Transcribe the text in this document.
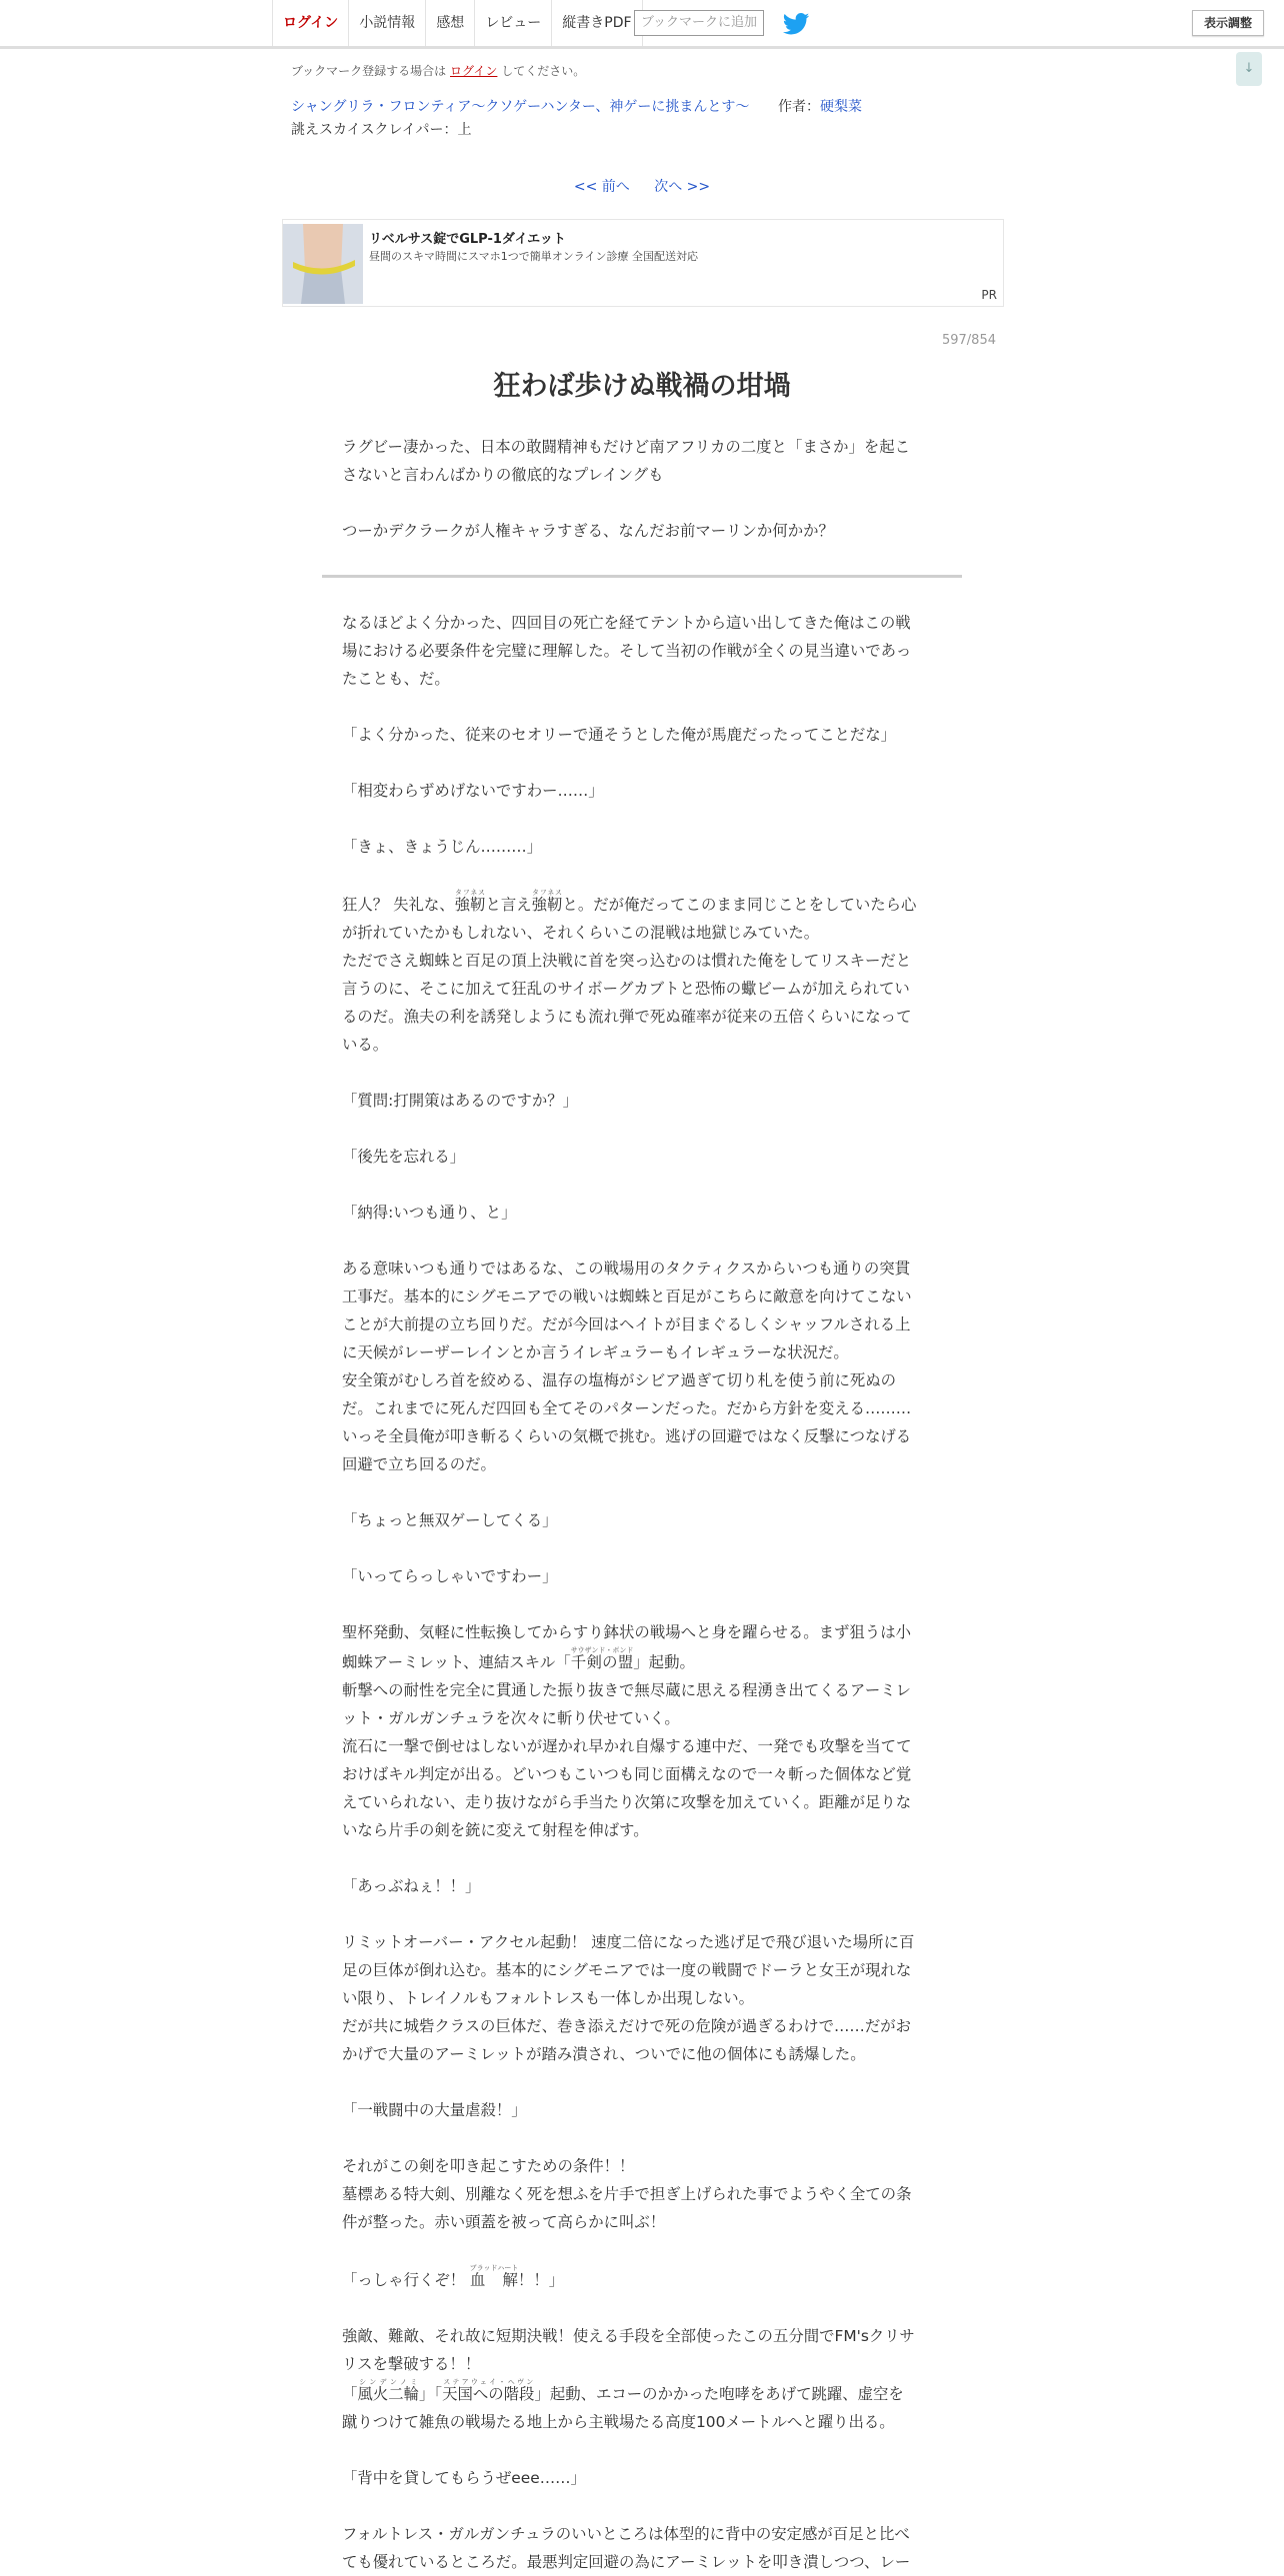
ログイン	小説情報	感想	レビュー	縦書きPDF ブックマークに追加	表示調整
↓
ブックマーク登録する場合は ログイン してください。
シャングリラ・フロンティア〜クソゲーハンター、神ゲーに挑まんとす〜 作者：硬梨菜
誂えスカイスクレイパー：上
<< 前へ 次へ >>
リベルサス錠でGLP-1ダイエット
昼間のスキマ時間にスマホ1つで簡単オンライン診療 全国配送対応
PR
597/854
狂わば歩けぬ戦禍の坩堝

ラグビー凄かった、日本の敢闘精神もだけど南アフリカの二度と「まさか」を起こ

さないと言わんばかりの徹底的なプレイングも

つーかデクラークが人権キャラすぎる、なんだお前マーリンか何かか？

なるほどよく分かった、四回目の死亡を経てテントから這い出してきた俺はこの戦

場における必要条件を完璧に理解した。そして当初の作戦が全くの見当違いであっ

たことも、だ。

「よく分かった、従来のセオリーで通そうとした俺が馬鹿だったってことだな」

「相変わらずめげないですわー……」

「きょ、きょうじん………」

狂人？ 失礼な、強靭タフネスと言え強靭タフネスと。だが俺だってこのまま同じことをしていたら心

が折れていたかもしれない、それくらいこの混戦は地獄じみていた。

ただでさえ蜘蛛と百足の頂上決戦に首を突っ込むのは慣れた俺をしてリスキーだと

言うのに、そこに加えて狂乱のサイボーグカブトと恐怖の蠍ビームが加えられてい

るのだ。漁夫の利を誘発しようにも流れ弾で死ぬ確率が従来の五倍くらいになって

いる。

「質問:打開策はあるのですか？」

「後先を忘れる」

「納得:いつも通り、と」

ある意味いつも通りではあるな、この戦場用のタクティクスからいつも通りの突貫

工事だ。基本的にシグモニアでの戦いは蜘蛛と百足がこちらに敵意を向けてこない

ことが大前提の立ち回りだ。だが今回はヘイトが目まぐるしくシャッフルされる上

に天候がレーザーレインとか言うイレギュラーもイレギュラーな状況だ。

安全策がむしろ首を絞める、温存の塩梅がシビア過ぎて切り札を使う前に死ぬの

だ。これまでに死んだ四回も全てそのパターンだった。だから方針を変える………

いっそ全員俺が叩き斬るくらいの気概で挑む。逃げの回避ではなく反撃につなげる

回避で立ち回るのだ。

「ちょっと無双ゲーしてくる」

「いってらっしゃいですわー」

聖杯発動、気軽に性転換してからすり鉢状の戦場へと身を躍らせる。まず狙うは小

蜘蛛アーミレット、連結スキル「千剣の盟サウザンド・ボンド」起動。

斬撃への耐性を完全に貫通した振り抜きで無尽蔵に思える程湧き出てくるアーミレ

ット・ガルガンチュラを次々に斬り伏せていく。

流石に一撃で倒せはしないが遅かれ早かれ自爆する連中だ、一発でも攻撃を当てて

おけばキル判定が出る。どいつもこいつも同じ面構えなので一々斬った個体など覚

えていられない、走り抜けながら手当たり次第に攻撃を加えていく。距離が足りな

いなら片手の剣を銃に変えて射程を伸ばす。

「あっぶねぇ！！」

リミットオーバー・アクセル起動！ 速度二倍になった逃げ足で飛び退いた場所に百

足の巨体が倒れ込む。基本的にシグモニアでは一度の戦闘でドーラと女王が現れな

い限り、トレイノルもフォルトレスも一体しか出現しない。

だが共に城砦クラスの巨体だ、巻き添えだけで死の危険が過ぎるわけで……だがお

かげで大量のアーミレットが踏み潰され、ついでに他の個体にも誘爆した。

「一戦闘中の大量虐殺！」

それがこの剣を叩き起こすための条件！！

墓標ある特大剣、別離なく死を想ふを片手で担ぎ上げられた事でようやく全ての条

件が整った。赤い頭蓋を被って高らかに叫ぶ！

「っしゃ行くぞ！ 血　解ブラッドハート！！」

強敵、難敵、それ故に短期決戦！使える手段を全部使ったこの五分間でFM'sクリサ

リスを撃破する！！

「風火二輪シンデンノミ」「天国への階段ステアウェイ・ヘヴン」起動、エコーのかかった咆哮をあげて跳躍、虚空を

蹴りつけて雑魚の戦場たる地上から主戦場たる高度100メートルへと躍り出る。

「背中を貸してもらうぜeee……」

フォルトレス・ガルガンチュラのいいところは体型的に背中の安定感が百足と比べ

ても優れているところだ。最悪判定回避の為にアーミレットを叩き潰しつつ、レー
